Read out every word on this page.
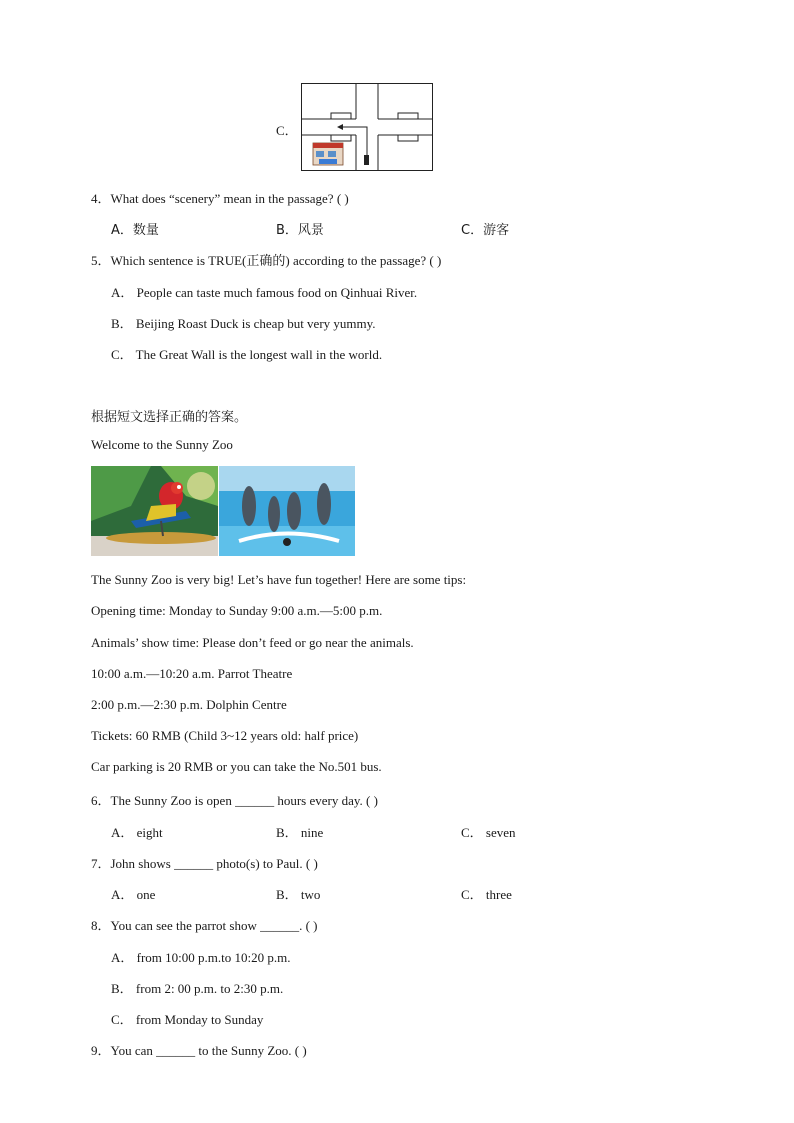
C．
4．What does “scenery” mean in the passage? ( )
A．数量	B．风景	C．游客
5．Which sentence is TRUE(正确的) according to the passage? ( )
A． People can taste much famous food on Qinhuai River.
B． Beijing Roast Duck is cheap but very yummy.
C． The Great Wall is the longest wall in the world.
根据短文选择正确的答案。
Welcome to the Sunny Zoo
The Sunny Zoo is very big! Let’s have fun together! Here are some tips:
Opening time: Monday to Sunday 9:00 a.m.—5:00 p.m.
Animals’ show time: Please don’t feed or go near the animals.
10:00 a.m.—10:20 a.m. Parrot Theatre
2:00 p.m.—2:30 p.m. Dolphin Centre
Tickets: 60 RMB (Child 3~12 years old: half price)
Car parking is 20 RMB or you can take the No.501 bus.
6．The Sunny Zoo is open ______ hours every day. ( )
A． eight	B． nine	C． seven
7．John shows ______ photo(s) to Paul. ( )
A． one	B． two	C． three
8．You can see the parrot show ______. ( )
A． from 10:00 p.m.to 10:20 p.m.
B． from 2: 00 p.m. to 2:30 p.m.
C． from Monday to Sunday
9．You can ______ to the Sunny Zoo. ( )
